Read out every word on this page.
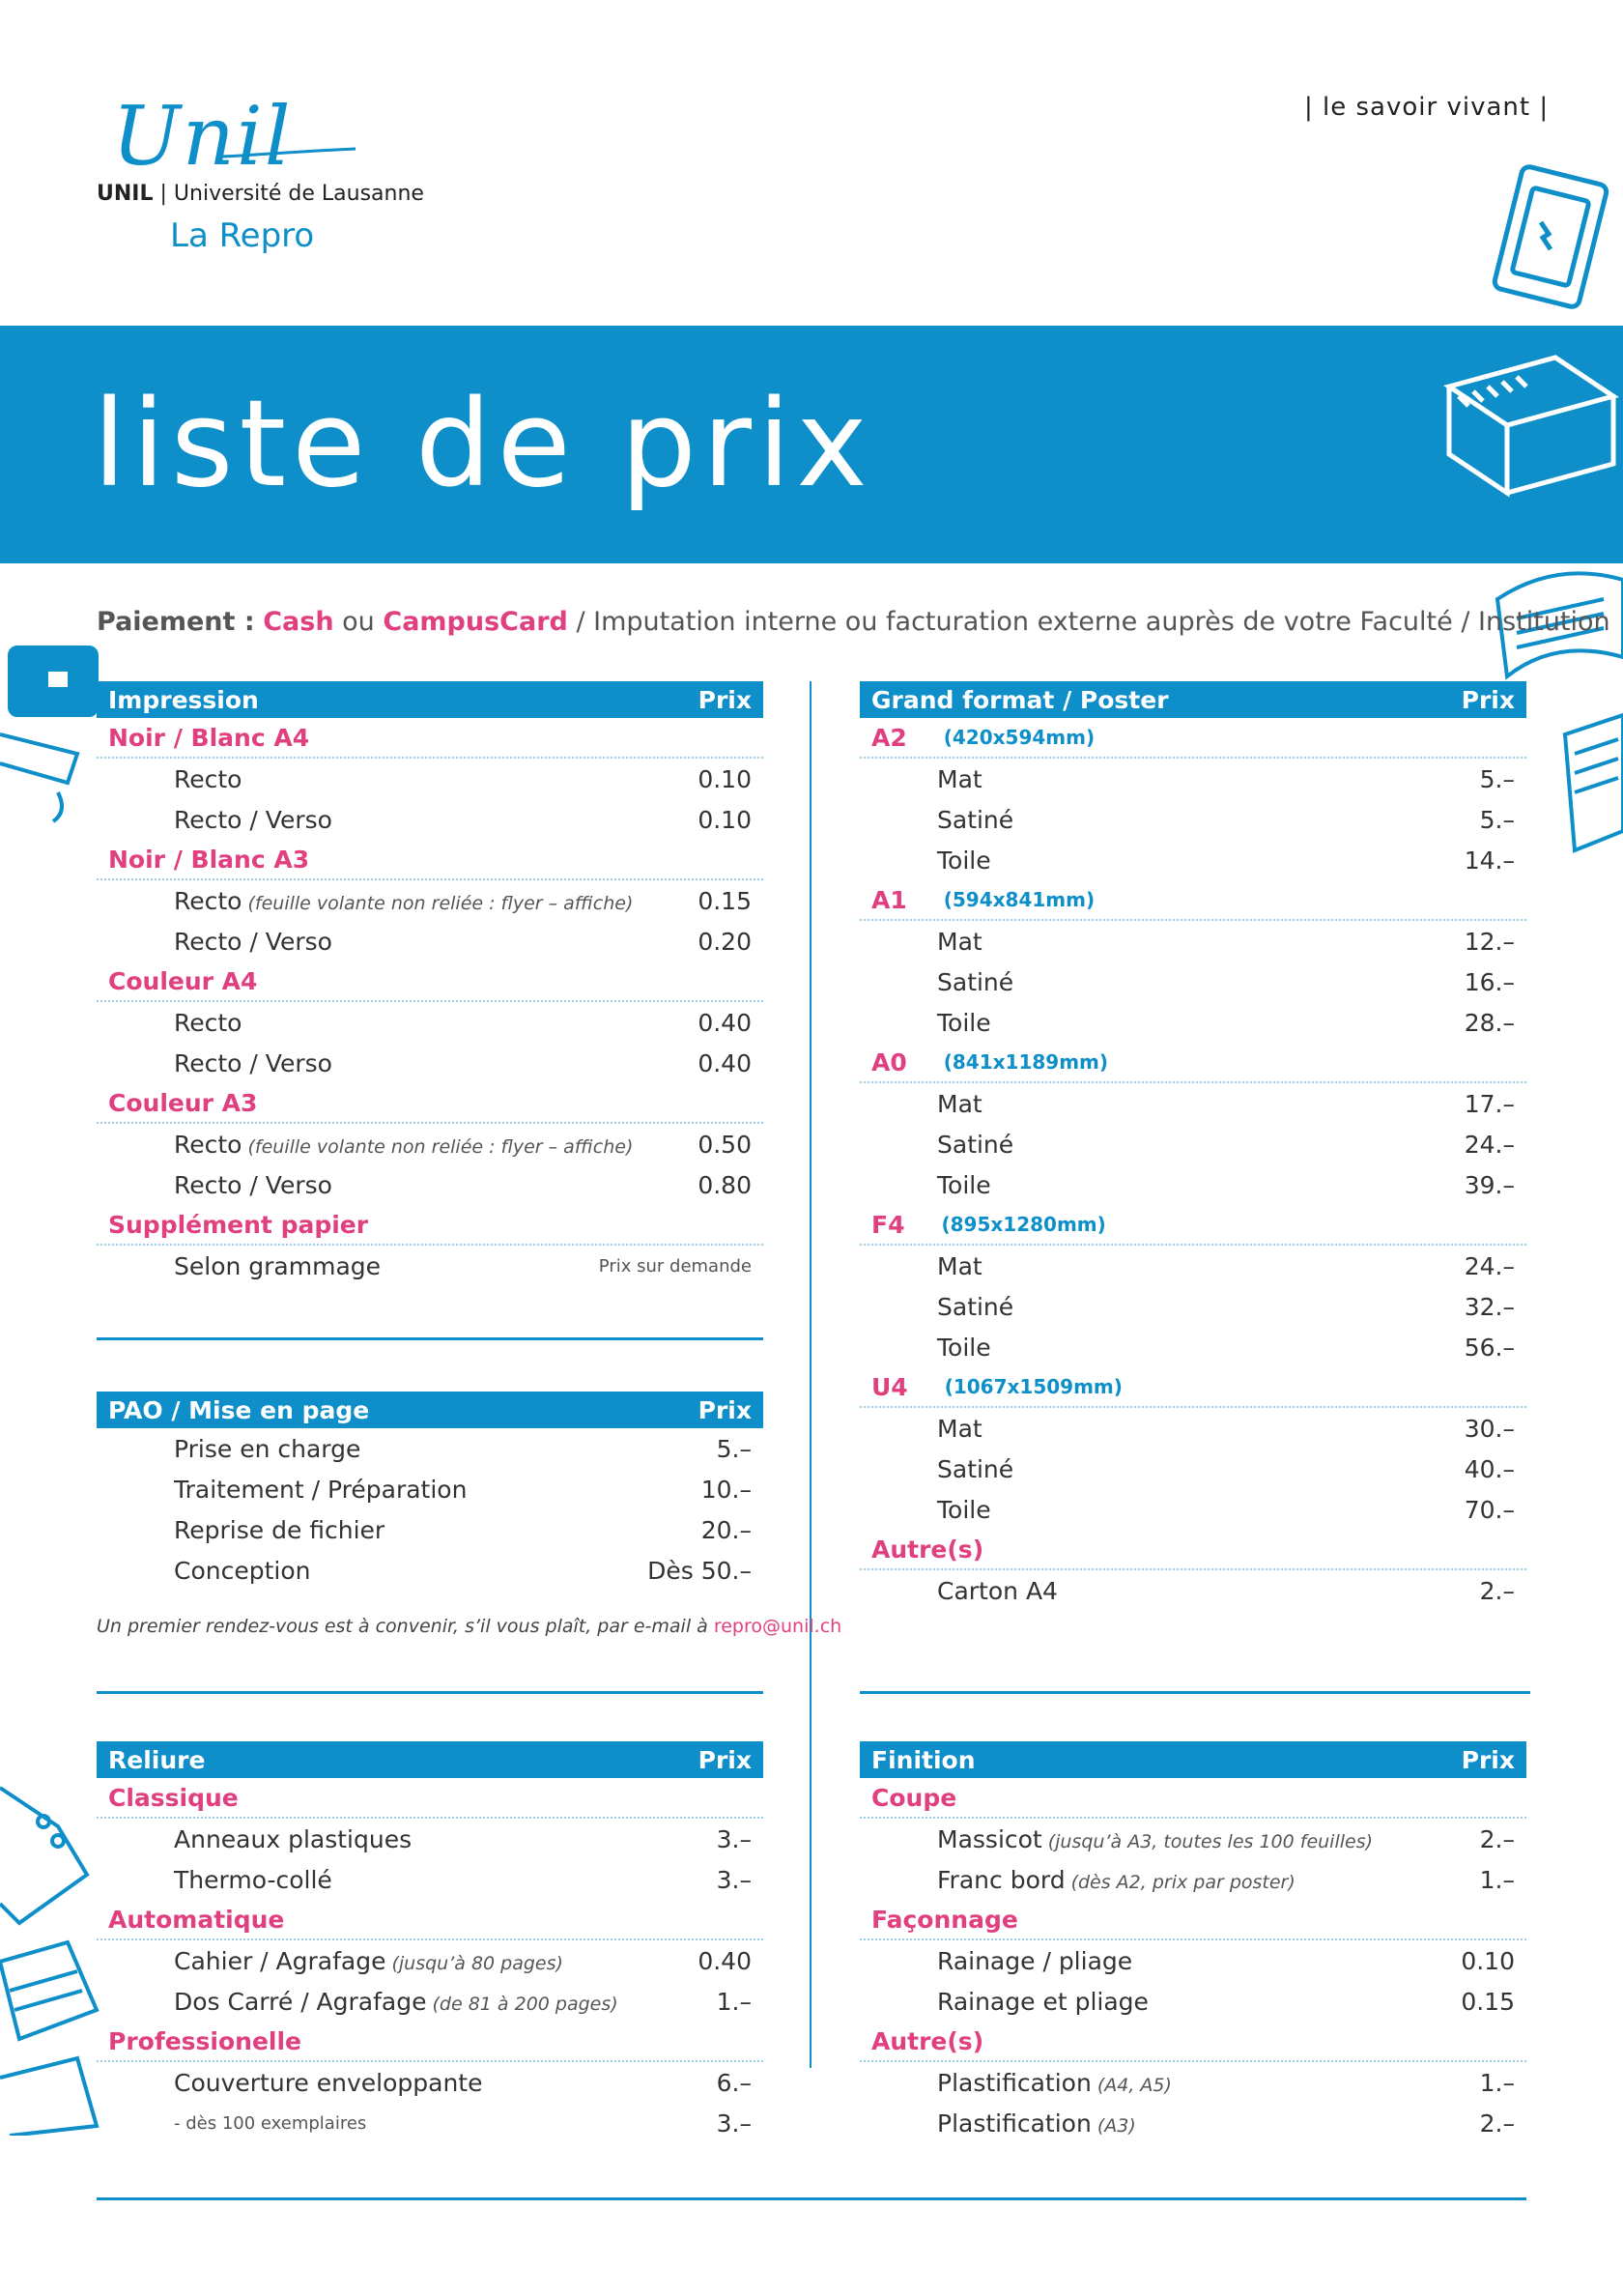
Unil
UNIL | Université de Lausanne
La Repro
| le savoir vivant |
liste de prix
Paiement : Cash ou CampusCard / Imputation interne ou facturation externe auprès de votre Faculté / Institution
Impression	Prix
Noir / Blanc A4
Recto	0.10
Recto / Verso	0.10
Noir / Blanc A3
Recto (feuille volante non reliée : flyer – affiche)	0.15
Recto / Verso	0.20
Couleur A4
Recto	0.40
Recto / Verso	0.40
Couleur A3
Recto (feuille volante non reliée : flyer – affiche)	0.50
Recto / Verso	0.80
Supplément papier
Selon grammage	Prix sur demande
PAO / Mise en page	Prix
Prise en charge	5.–
Traitement / Préparation	10.–
Reprise de fichier	20.–
Conception	Dès 50.–
Un premier rendez-vous est à convenir, s’il vous plaît, par e-mail à repro@unil.ch
Reliure	Prix
Classique
Anneaux plastiques	3.–
Thermo-collé	3.–
Automatique
Cahier / Agrafage (jusqu’à 80 pages)	0.40
Dos Carré / Agrafage (de 81 à 200 pages)	1.–
Professionelle
Couverture enveloppante	6.–
- dès 100 exemplaires	3.–
Grand format / Poster	Prix
A2 (420x594mm)
Mat	5.–
Satiné	5.–
Toile	14.–
A1 (594x841mm)
Mat	12.–
Satiné	16.–
Toile	28.–
A0 (841x1189mm)
Mat	17.–
Satiné	24.–
Toile	39.–
F4 (895x1280mm)
Mat	24.–
Satiné	32.–
Toile	56.–
U4 (1067x1509mm)
Mat	30.–
Satiné	40.–
Toile	70.–
Autre(s)
Carton A4	2.–
Finition	Prix
Coupe
Massicot (jusqu’à A3, toutes les 100 feuilles)	2.–
Franc bord (dès A2, prix par poster)	1.–
Façonnage
Rainage / pliage	0.10
Rainage et pliage	0.15
Autre(s)
Plastification (A4, A5)	1.–
Plastification (A3)	2.–
